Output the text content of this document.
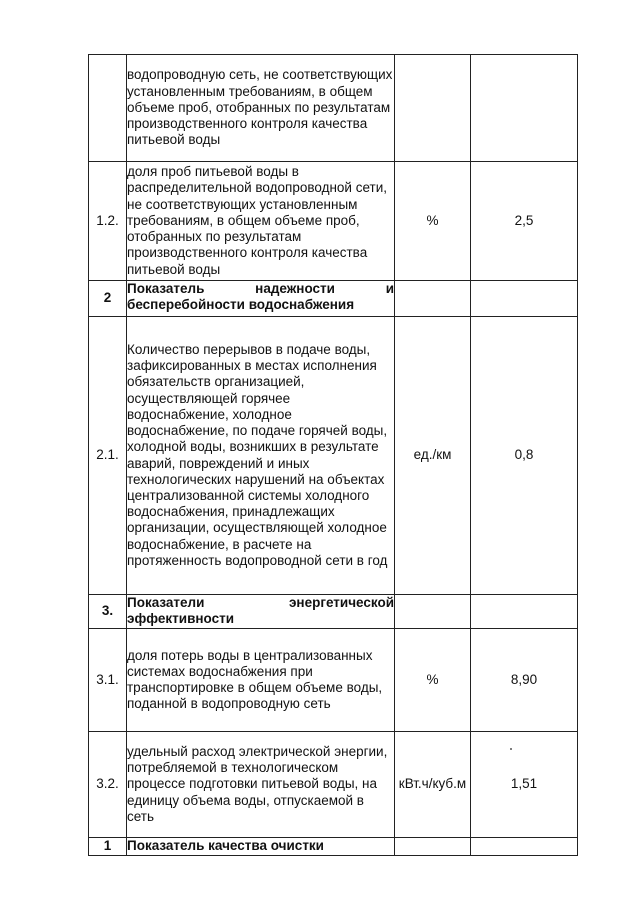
	водопроводную сеть, не соответствующих установленным требованиям, в общем объеме проб, отобранных по результатам производственного контроля качества питьевой воды		
1.2.	доля проб питьевой воды в распределительной водопроводной сети, не соответствующих установленным требованиям, в общем объеме проб, отобранных по результатам производственного контроля качества питьевой воды	%	2,5
2	Показатель надежности и бесперебойности водоснабжения		
2.1.	Количество перерывов в подаче воды, зафиксированных в местах исполнения обязательств организацией, осуществляющей горячее водоснабжение, холодное водоснабжение, по подаче горячей воды, холодной воды, возникших в результате аварий, повреждений и иных технологических нарушений на объектах централизованной системы холодного водоснабжения, принадлежащих организации, осуществляющей холодное водоснабжение, в расчете на протяженность водопроводной сети в год	ед./км	0,8
3.	Показатели энергетической эффективности		
3.1.	доля потерь воды в централизованных системах водоснабжения при транспортировке в общем объеме воды, поданной в водопроводную сеть	%	8,90
3.2.	удельный расход электрической энергии, потребляемой в технологическом процессе подготовки питьевой воды, на единицу объема воды, отпускаемой в сеть	кВт.ч/куб.м	1,51
1	Показатель качества очистки		
